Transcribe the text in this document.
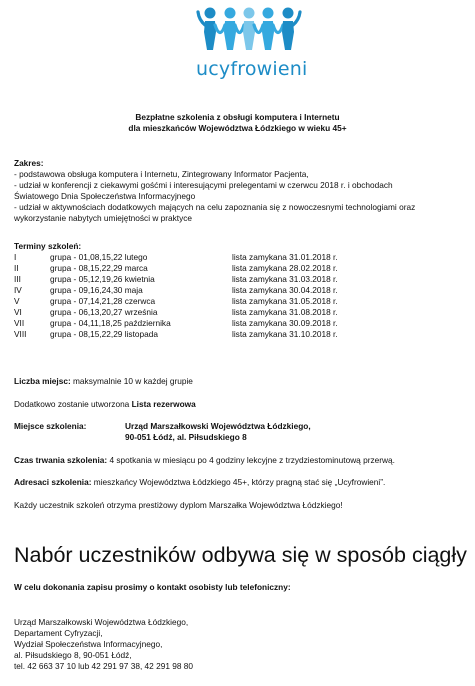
ucyfrowieni
Bezpłatne szkolenia z obsługi komputera i Internetu
dla mieszkańców Województwa Łódzkiego w wieku 45+
Zakres:
- podstawowa obsługa komputera i Internetu, Zintegrowany Informator Pacjenta,
- udział w konferencji z ciekawymi gośćmi i interesującymi prelegentami w czerwcu 2018 r. i obchodach
Światowego Dnia Społeczeństwa Informacyjnego
- udział w aktywnościach dodatkowych mających na celu zapoznania się z nowoczesnymi technologiami oraz
wykorzystanie nabytych umiejętności w praktyce
Terminy szkoleń:
I	grupa - 01,08,15,22 lutego	lista zamykana 31.01.2018 r.
II	grupa - 08,15,22,29 marca	lista zamykana 28.02.2018 r.
III	grupa - 05,12,19,26 kwietnia	lista zamykana 31.03.2018 r.
IV	grupa - 09,16,24,30 maja	lista zamykana 30.04.2018 r.
V	grupa - 07,14,21,28 czerwca	lista zamykana 31.05.2018 r.
VI	grupa - 06,13,20,27 września	lista zamykana 31.08.2018 r.
VII	grupa - 04,11,18,25 października	lista zamykana 30.09.2018 r.
VIII	grupa - 08,15,22,29 listopada	lista zamykana 31.10.2018 r.
Liczba miejsc: maksymalnie 10 w każdej grupie
Dodatkowo zostanie utworzona Lista rezerwowa
Miejsce szkolenia:	Urząd Marszałkowski Województwa Łódzkiego,
90-051 Łódź, al. Piłsudskiego 8
Czas trwania szkolenia: 4 spotkania w miesiącu po 4 godziny lekcyjne z trzydziestominutową przerwą.
Adresaci szkolenia: mieszkańcy Województwa Łódzkiego 45+, którzy pragną stać się „Ucyfrowieni”.
Każdy uczestnik szkoleń otrzyma prestiżowy dyplom Marszałka Województwa Łódzkiego!
Nabór uczestników odbywa się w sposób ciągły
W celu dokonania zapisu prosimy o kontakt osobisty lub telefoniczny:
Urząd Marszałkowski Województwa Łódzkiego,
Departament Cyfryzacji,
Wydział Społeczeństwa Informacyjnego,
al. Piłsudskiego 8, 90-051 Łódź,
tel. 42 663 37 10 lub 42 291 97 38, 42 291 98 80
